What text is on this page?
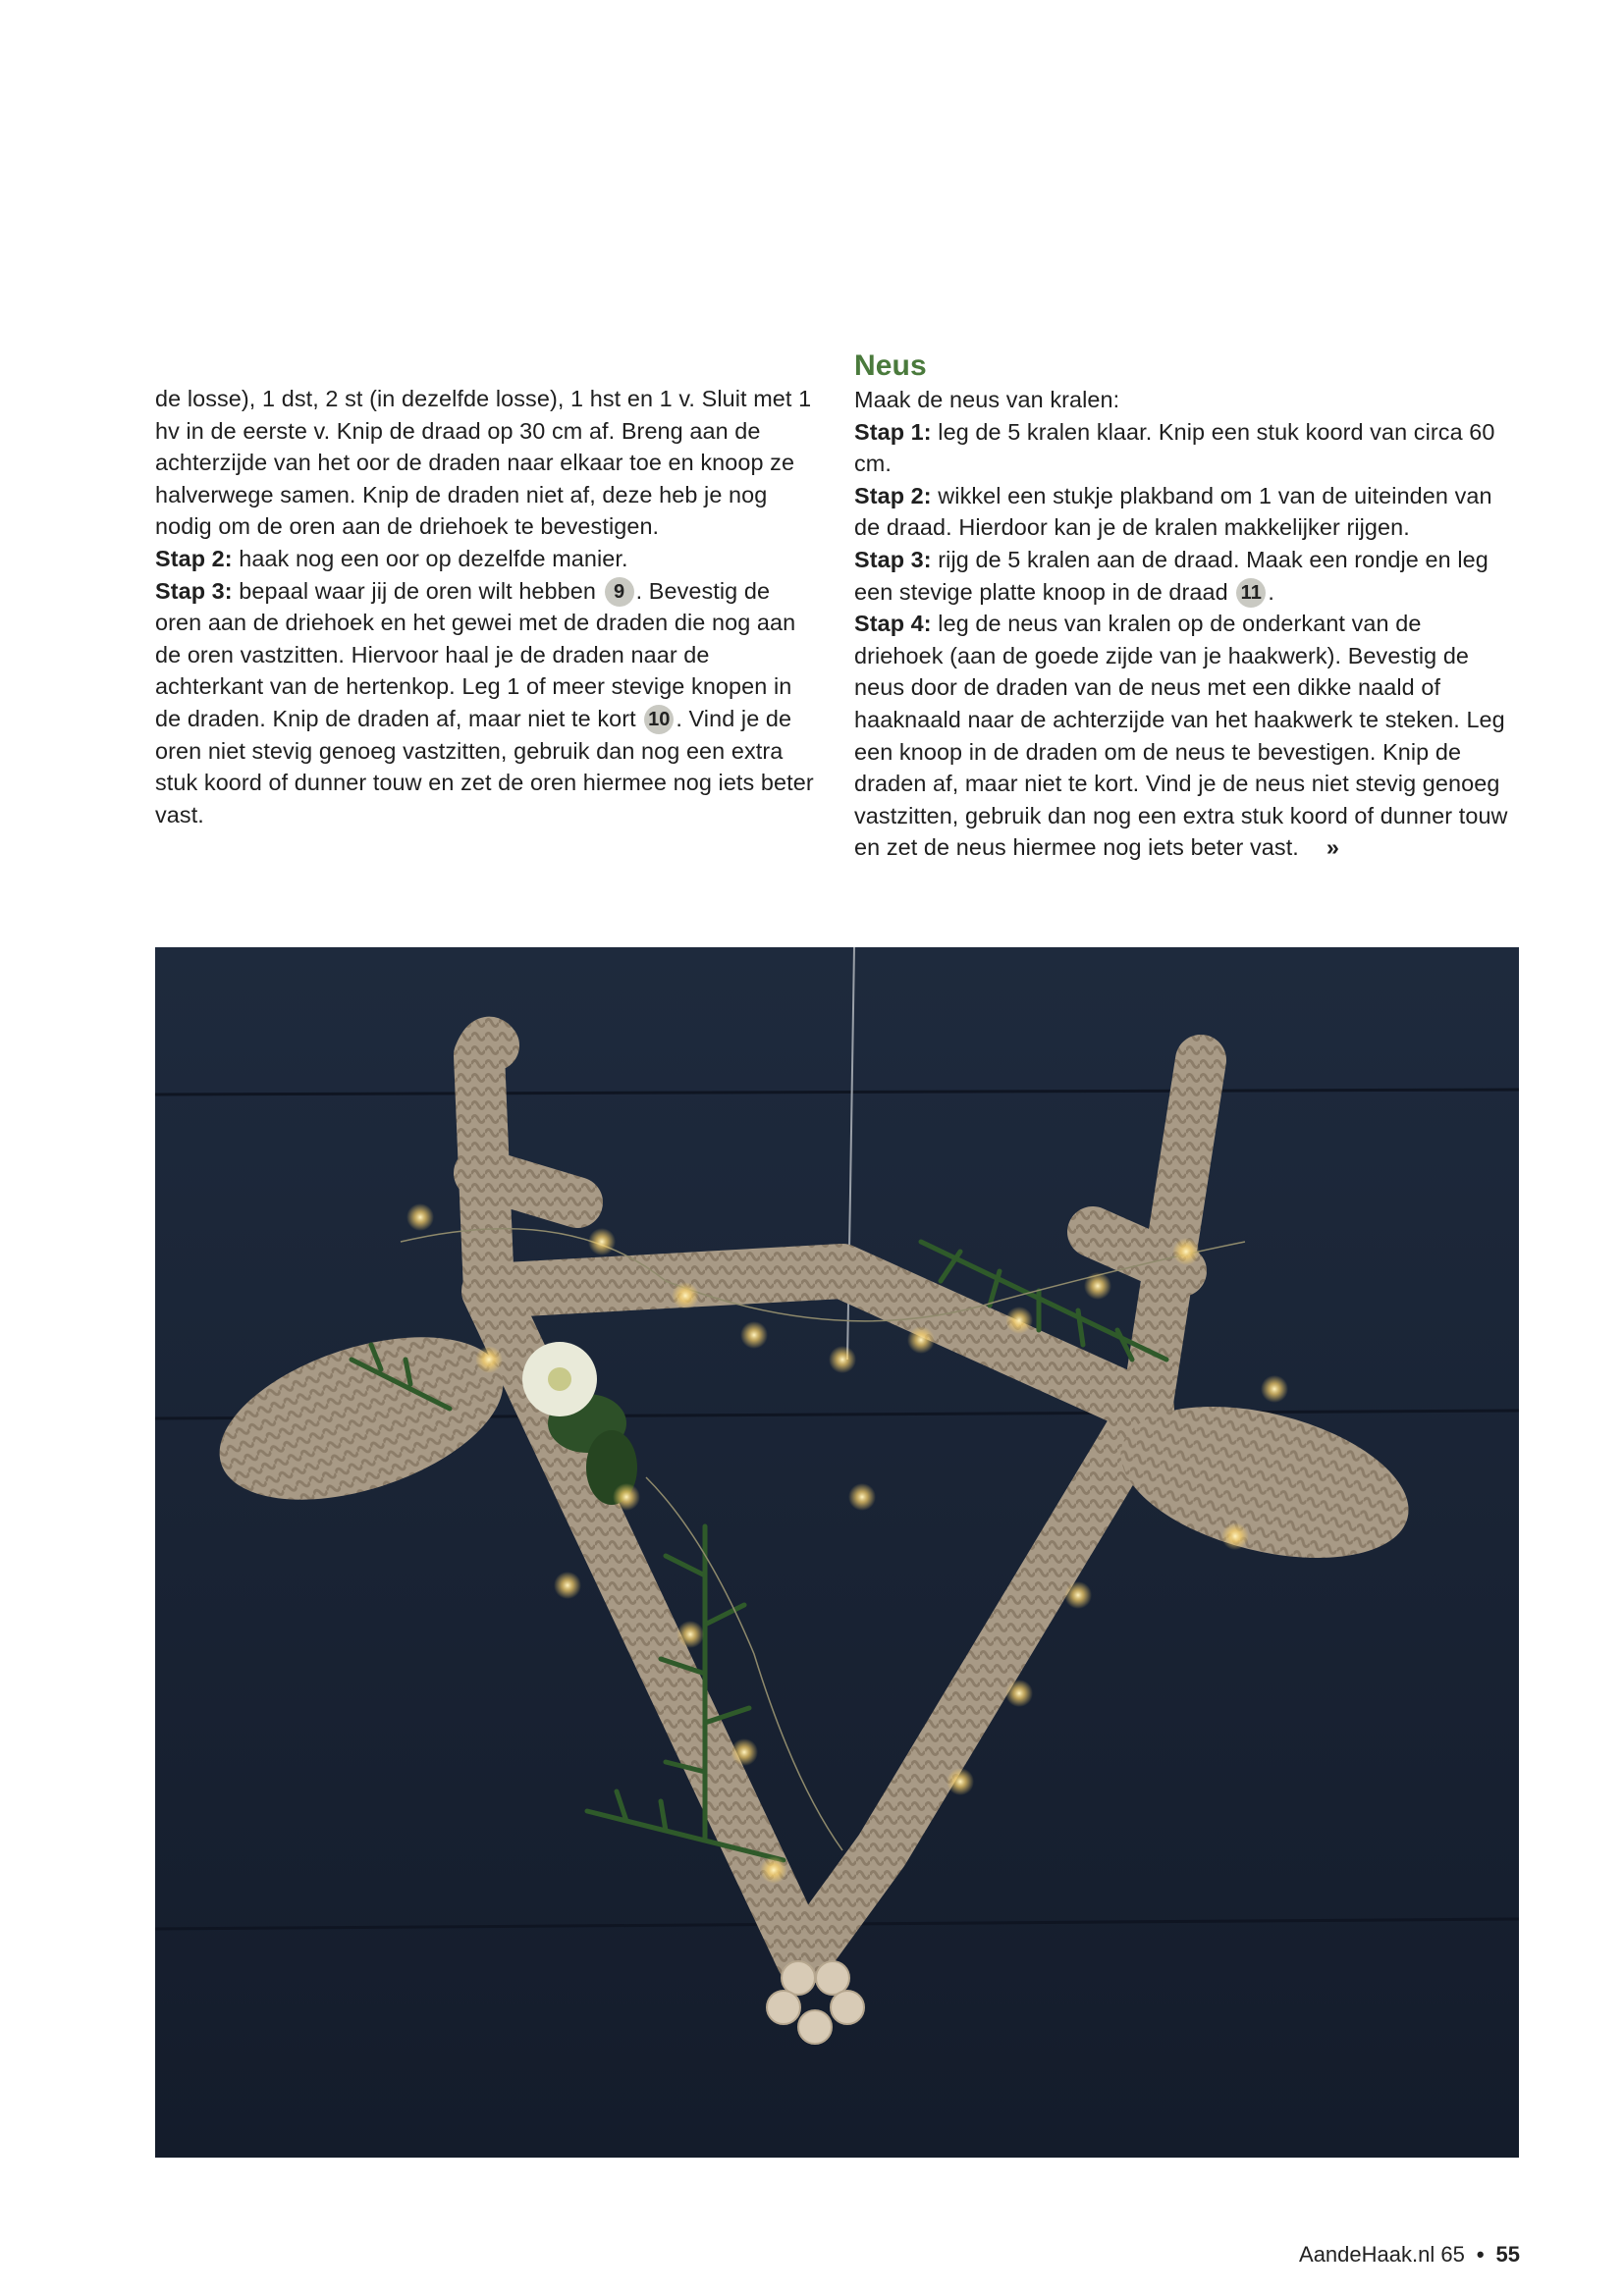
de losse), 1 dst, 2 st (in dezelfde losse), 1 hst en 1 v. Sluit met 1 hv in de eerste v. Knip de draad op 30 cm af. Breng aan de achterzijde van het oor de draden naar elkaar toe en knoop ze halverwege samen. Knip de draden niet af, deze heb je nog nodig om de oren aan de driehoek te bevestigen.

Stap 2: haak nog een oor op dezelfde manier.

Stap 3: bepaal waar jij de oren wilt hebben 9 . Bevestig de oren aan de driehoek en het gewei met de draden die nog aan de oren vastzitten. Hiervoor haal je de draden naar de achterkant van de hertenkop. Leg 1 of meer stevige knopen in de draden. Knip de draden af, maar niet te kort 10 . Vind je de oren niet stevig genoeg vastzitten, gebruik dan nog een extra stuk koord of dunner touw en zet de oren hiermee nog iets beter vast.

Neus

Maak de neus van kralen:

Stap 1: leg de 5 kralen klaar. Knip een stuk koord van circa 60 cm.

Stap 2: wikkel een stukje plakband om 1 van de uiteinden van de draad. Hierdoor kan je de kralen makkelijker rijgen.

Stap 3: rijg de 5 kralen aan de draad. Maak een rondje en leg een stevige platte knoop in de draad 11 .

Stap 4: leg de neus van kralen op de onderkant van de driehoek (aan de goede zijde van je haakwerk). Bevestig de neus door de draden van de neus met een dikke naald of haaknaald naar de achterzijde van het haakwerk te steken. Leg een knoop in de draden om de neus te bevestigen. Knip de draden af, maar niet te kort. Vind je de neus niet stevig genoeg vastzitten, gebruik dan nog een extra stuk koord of dunner touw en zet de neus hiermee nog iets beter vast. »

AandeHaak.nl 65 • 55
